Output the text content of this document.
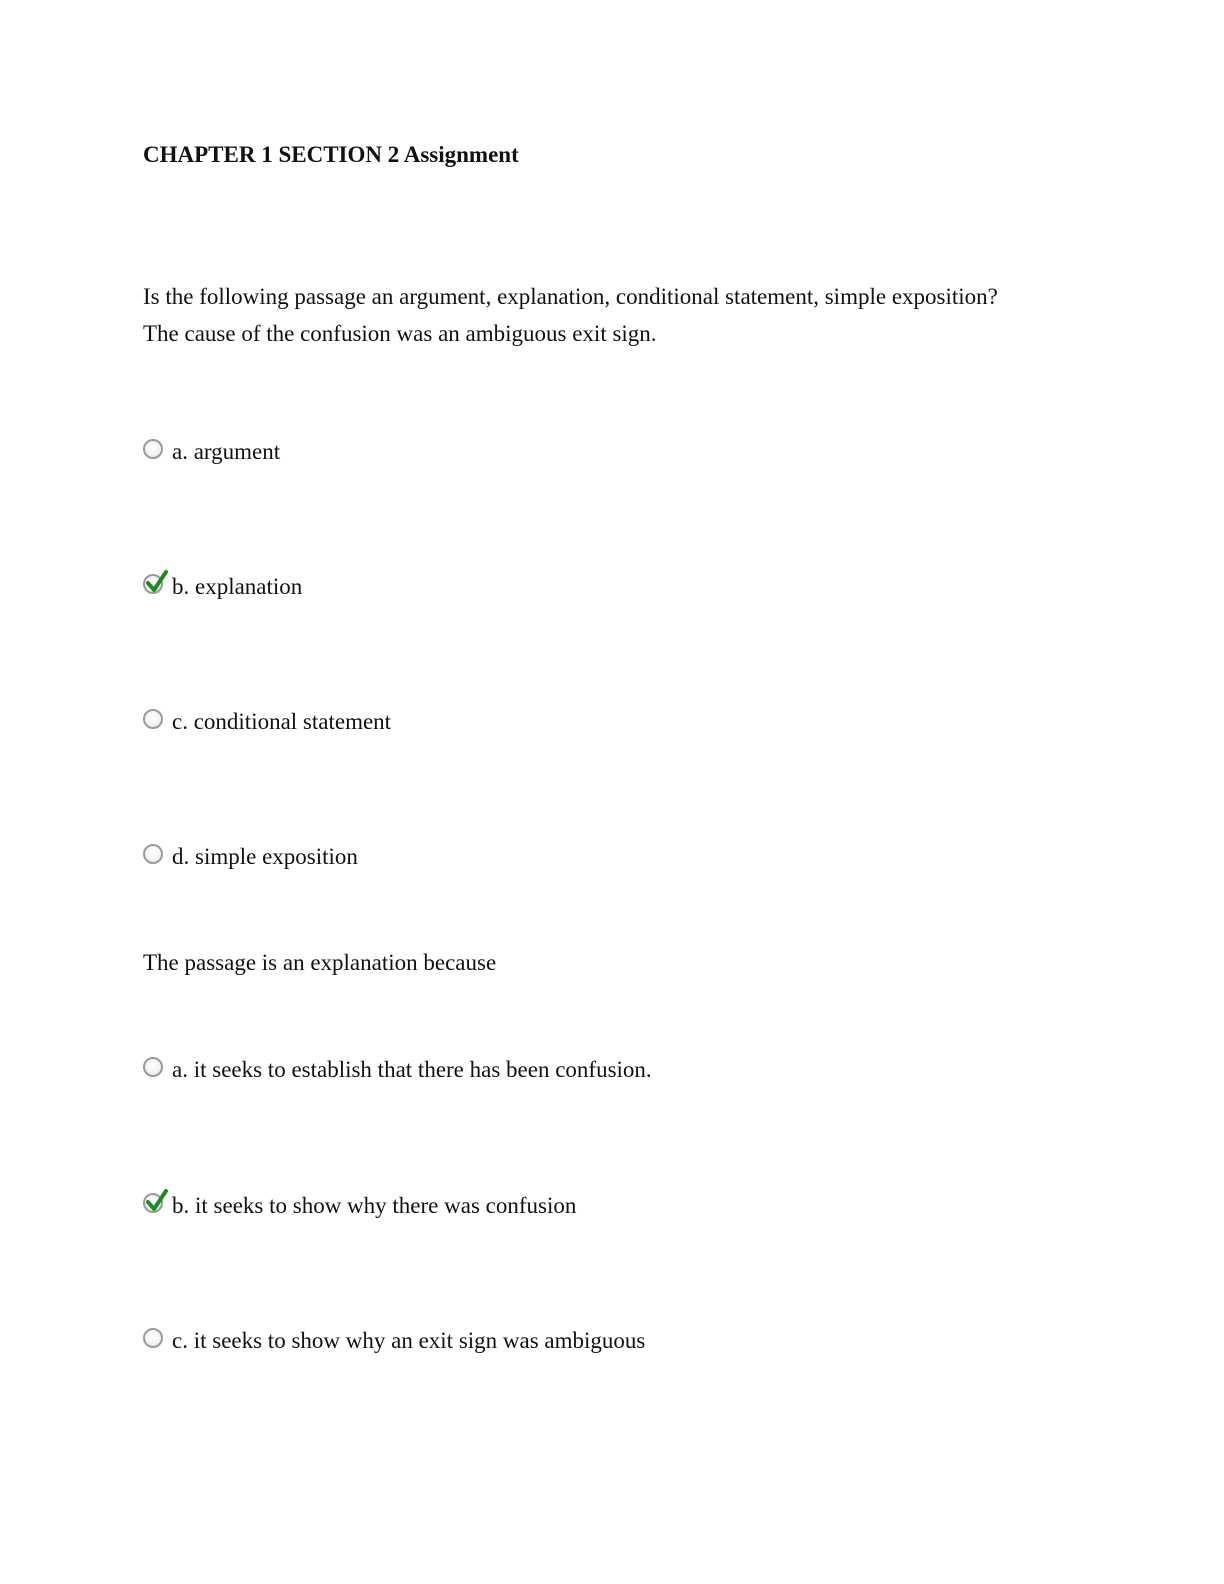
CHAPTER 1 SECTION 2 Assignment
Is the following passage an argument, explanation, conditional statement, simple exposition?
The cause of the confusion was an ambiguous exit sign.
a. argument
b. explanation
c. conditional statement
d. simple exposition
The passage is an explanation because
a. it seeks to establish that there has been confusion.
b. it seeks to show why there was confusion
c. it seeks to show why an exit sign was ambiguous
